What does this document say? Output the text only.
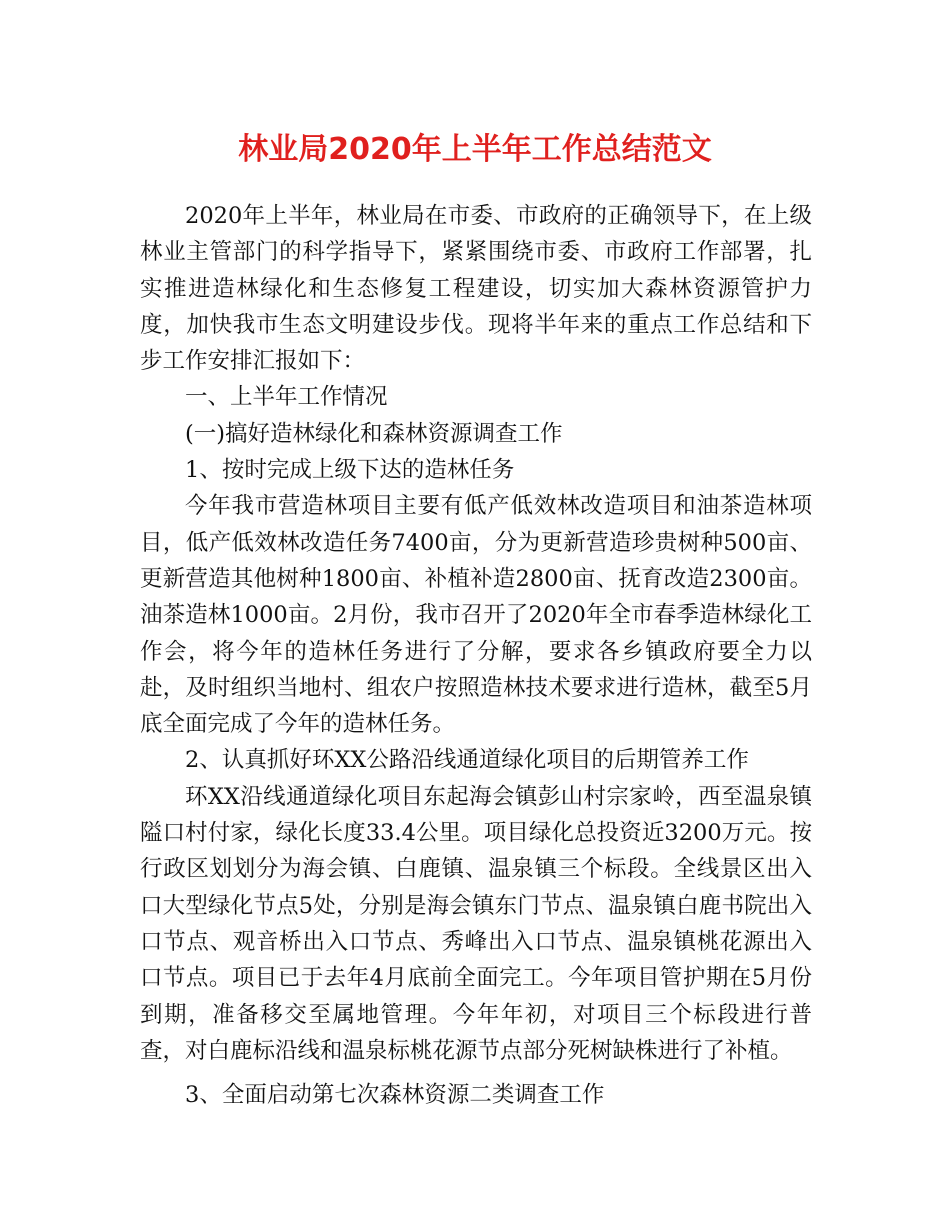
林业局2020年上半年工作总结范文

2020年上半年，林业局在市委、市政府的正确领导下，在上级林业主管部门的科学指导下，紧紧围绕市委、市政府工作部署，扎实推进造林绿化和生态修复工程建设，切实加大森林资源管护力度，加快我市生态文明建设步伐。现将半年来的重点工作总结和下步工作安排汇报如下：

一、上半年工作情况

(一)搞好造林绿化和森林资源调查工作

1、按时完成上级下达的造林任务

今年我市营造林项目主要有低产低效林改造项目和油茶造林项目，低产低效林改造任务7400亩，分为更新营造珍贵树种500亩、更新营造其他树种1800亩、补植补造2800亩、抚育改造2300亩。油茶造林1000亩。2月份，我市召开了2020年全市春季造林绿化工作会，将今年的造林任务进行了分解，要求各乡镇政府要全力以赴，及时组织当地村、组农户按照造林技术要求进行造林，截至5月底全面完成了今年的造林任务。

2、认真抓好环XX公路沿线通道绿化项目的后期管养工作

环XX沿线通道绿化项目东起海会镇彭山村宗家岭，西至温泉镇隘口村付家，绿化长度33.4公里。项目绿化总投资近3200万元。按行政区划划分为海会镇、白鹿镇、温泉镇三个标段。全线景区出入口大型绿化节点5处，分别是海会镇东门节点、温泉镇白鹿书院出入口节点、观音桥出入口节点、秀峰出入口节点、温泉镇桃花源出入口节点。项目已于去年4月底前全面完工。今年项目管护期在5月份到期，准备移交至属地管理。今年年初，对项目三个标段进行普查，对白鹿标沿线和温泉标桃花源节点部分死树缺株进行了补植。

3、全面启动第七次森林资源二类调查工作
